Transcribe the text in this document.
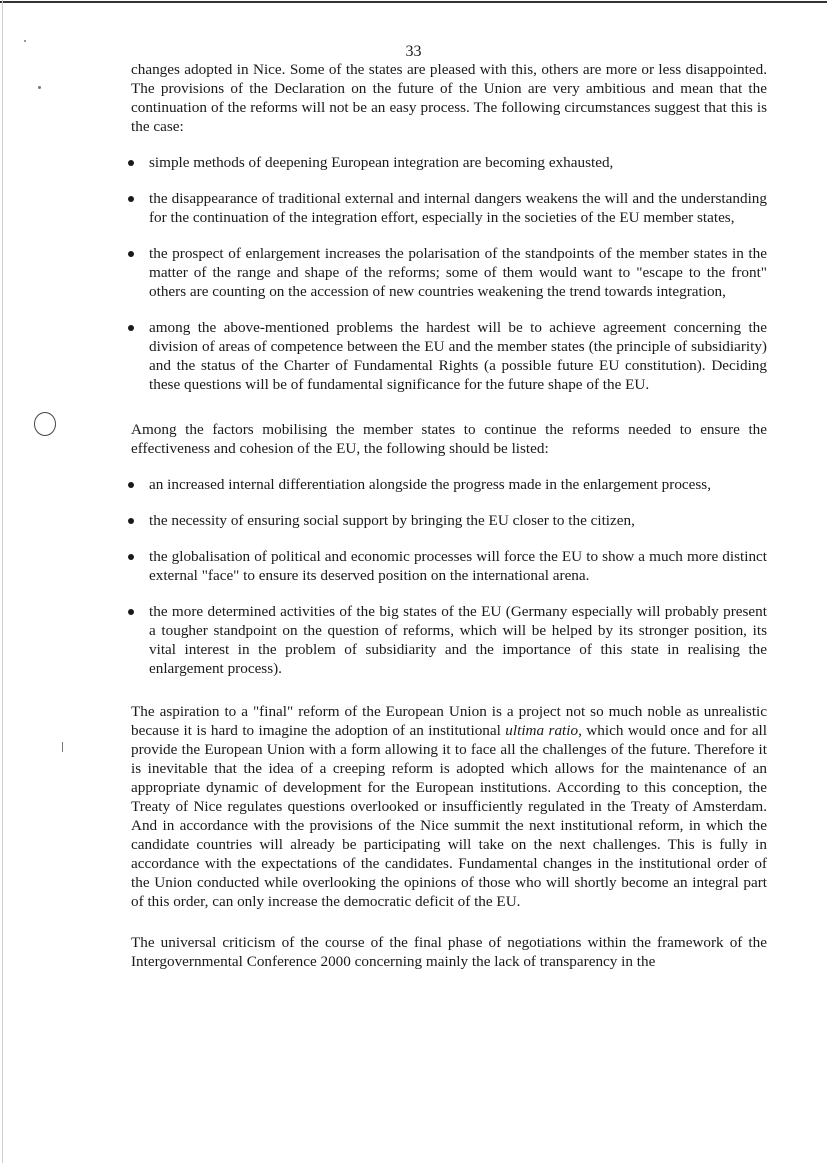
33

changes adopted in Nice. Some of the states are pleased with this, others are more or less disappointed. The provisions of the Declaration on the future of the Union are very ambitious and mean that the continuation of the reforms will not be an easy process. The following circumstances suggest that this is the case:

simple methods of deepening European integration are becoming exhausted,
the disappearance of traditional external and internal dangers weakens the will and the understanding for the continuation of the integration effort, especially in the societies of the EU member states,
the prospect of enlargement increases the polarisation of the standpoints of the member states in the matter of the range and shape of the reforms; some of them would want to "escape to the front" others are counting on the accession of new countries weakening the trend towards integration,
among the above-mentioned problems the hardest will be to achieve agreement concerning the division of areas of competence between the EU and the member states (the principle of subsidiarity) and the status of the Charter of Fundamental Rights (a possible future EU constitution). Deciding these questions will be of fundamental significance for the future shape of the EU.

Among the factors mobilising the member states to continue the reforms needed to ensure the effectiveness and cohesion of the EU, the following should be listed:

an increased internal differentiation alongside the progress made in the enlargement process,
the necessity of ensuring social support by bringing the EU closer to the citizen,
the globalisation of political and economic processes will force the EU to show a much more distinct external "face" to ensure its deserved position on the international arena.
the more determined activities of the big states of the EU (Germany especially will probably present a tougher standpoint on the question of reforms, which will be helped by its stronger position, its vital interest in the problem of subsidiarity and the importance of this state in realising the enlargement process).

The aspiration to a "final" reform of the European Union is a project not so much noble as unrealistic because it is hard to imagine the adoption of an institutional ultima ratio, which would once and for all provide the European Union with a form allowing it to face all the challenges of the future. Therefore it is inevitable that the idea of a creeping reform is adopted which allows for the maintenance of an appropriate dynamic of development for the European institutions. According to this conception, the Treaty of Nice regulates questions overlooked or insufficiently regulated in the Treaty of Amsterdam. And in accordance with the provisions of the Nice summit the next institutional reform, in which the candidate countries will already be participating will take on the next challenges. This is fully in accordance with the expectations of the candidates. Fundamental changes in the institutional order of the Union conducted while overlooking the opinions of those who will shortly become an integral part of this order, can only increase the democratic deficit of the EU.

The universal criticism of the course of the final phase of negotiations within the framework of the Intergovernmental Conference 2000 concerning mainly the lack of transparency in the
